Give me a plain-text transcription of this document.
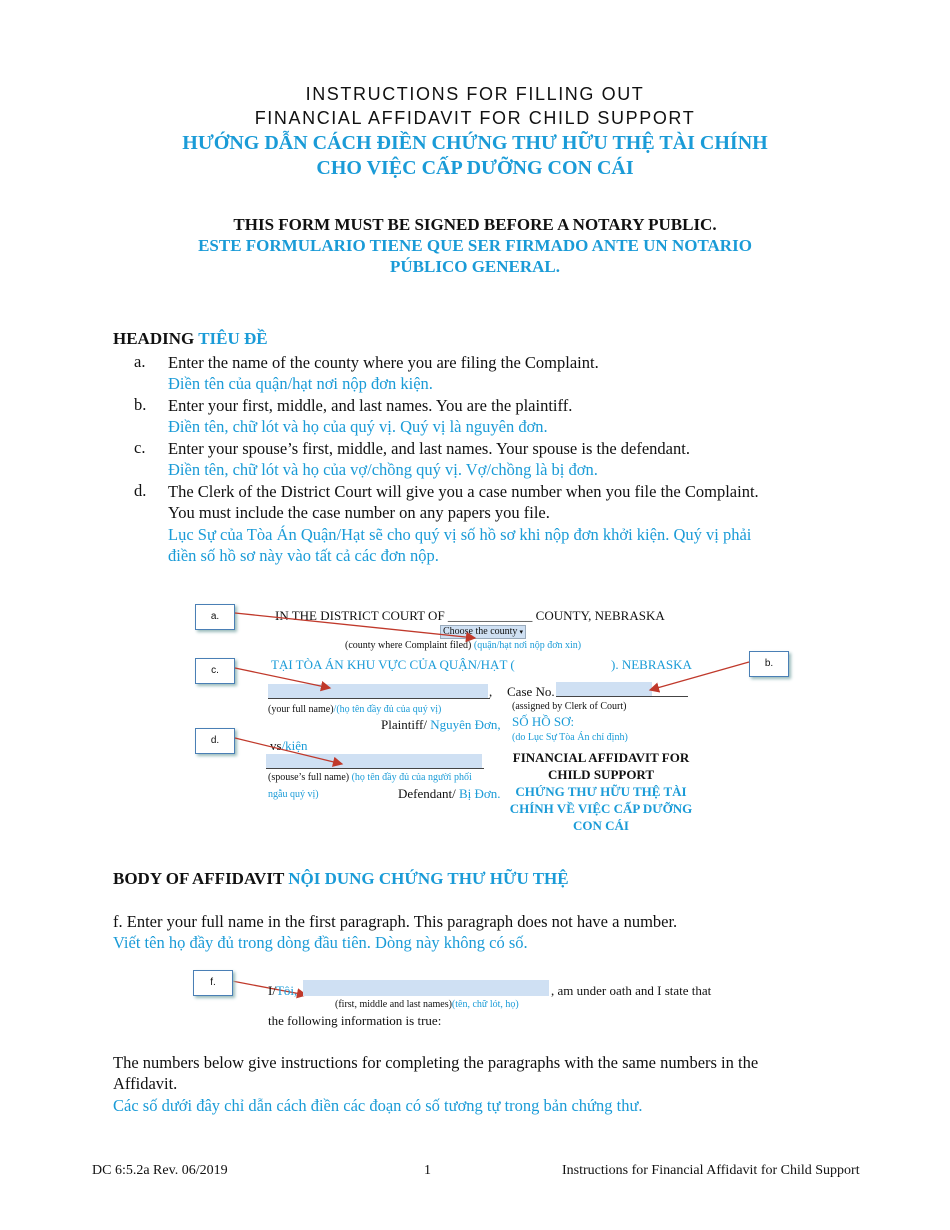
INSTRUCTIONS FOR FILLING OUT
FINANCIAL AFFIDAVIT FOR CHILD SUPPORT
HƯỚNG DẪN CÁCH ĐIỀN CHỨNG THƯ HỮU THỆ TÀI CHÍNH
CHO VIỆC CẤP DƯỠNG CON CÁI
THIS FORM MUST BE SIGNED BEFORE A NOTARY PUBLIC.
ESTE FORMULARIO TIENE QUE SER FIRMADO ANTE UN NOTARIO
PÚBLICO GENERAL.
HEADING TIÊU ĐỀ
a. Enter the name of the county where you are filing the Complaint.
Điền tên của quận/hạt nơi nộp đơn kiện.
b. Enter your first, middle, and last names. You are the plaintiff.
Điền tên, chữ lót và họ của quý vị. Quý vị là nguyên đơn.
c. Enter your spouse’s first, middle, and last names. Your spouse is the defendant.
Điền tên, chữ lót và họ của vợ/chồng quý vị. Vợ/chồng là bị đơn.
d. The Clerk of the District Court will give you a case number when you file the Complaint.
You must include the case number on any papers you file.
Lục Sự của Tòa Án Quận/Hạt sẽ cho quý vị số hồ sơ khi nộp đơn khởi kiện. Quý vị phải
điền số hồ sơ này vào tất cả các đơn nộp.
a.
b.
c.
d.
IN THE DISTRICT COURT OF _____________ COUNTY, NEBRASKA
Choose the county ▾
(county where Complaint filed) (quận/hạt nơi nộp đơn xin)
TẠI TÒA ÁN KHU VỰC CỦA QUẬN/HẠT (	). NEBRASKA
, Case No.
(assigned by Clerk of Court)
SỐ HỒ SƠ:
(do Lục Sự Tòa Án chỉ định)
(your full name)/(họ tên đầy đủ của quý vị)
Plaintiff/ Nguyên Đơn,
vs/kiện
(spouse’s full name) (họ tên đầy đủ của người phối
ngẫu quý vị)	Defendant/ Bị Đơn.
FINANCIAL AFFIDAVIT FOR
CHILD SUPPORT
CHỨNG THƯ HỮU THỆ TÀI
CHÍNH VỀ VIỆC CẤP DƯỠNG
CON CÁI
BODY OF AFFIDAVIT NỘI DUNG CHỨNG THƯ HỮU THỆ
f. Enter your full name in the first paragraph. This paragraph does not have a number.
Viết tên họ đầy đủ trong dòng đầu tiên. Dòng này không có số.
f.
I/Tôi,	, am under oath and I state that
(first, middle and last names)(tên, chữ lót, họ)
the following information is true:
The numbers below give instructions for completing the paragraphs with the same numbers in the
Affidavit.
Các số dưới đây chỉ dẫn cách điền các đoạn có số tương tự trong bản chứng thư.
DC 6:5.2a Rev. 06/2019	1	Instructions for Financial Affidavit for Child Support
